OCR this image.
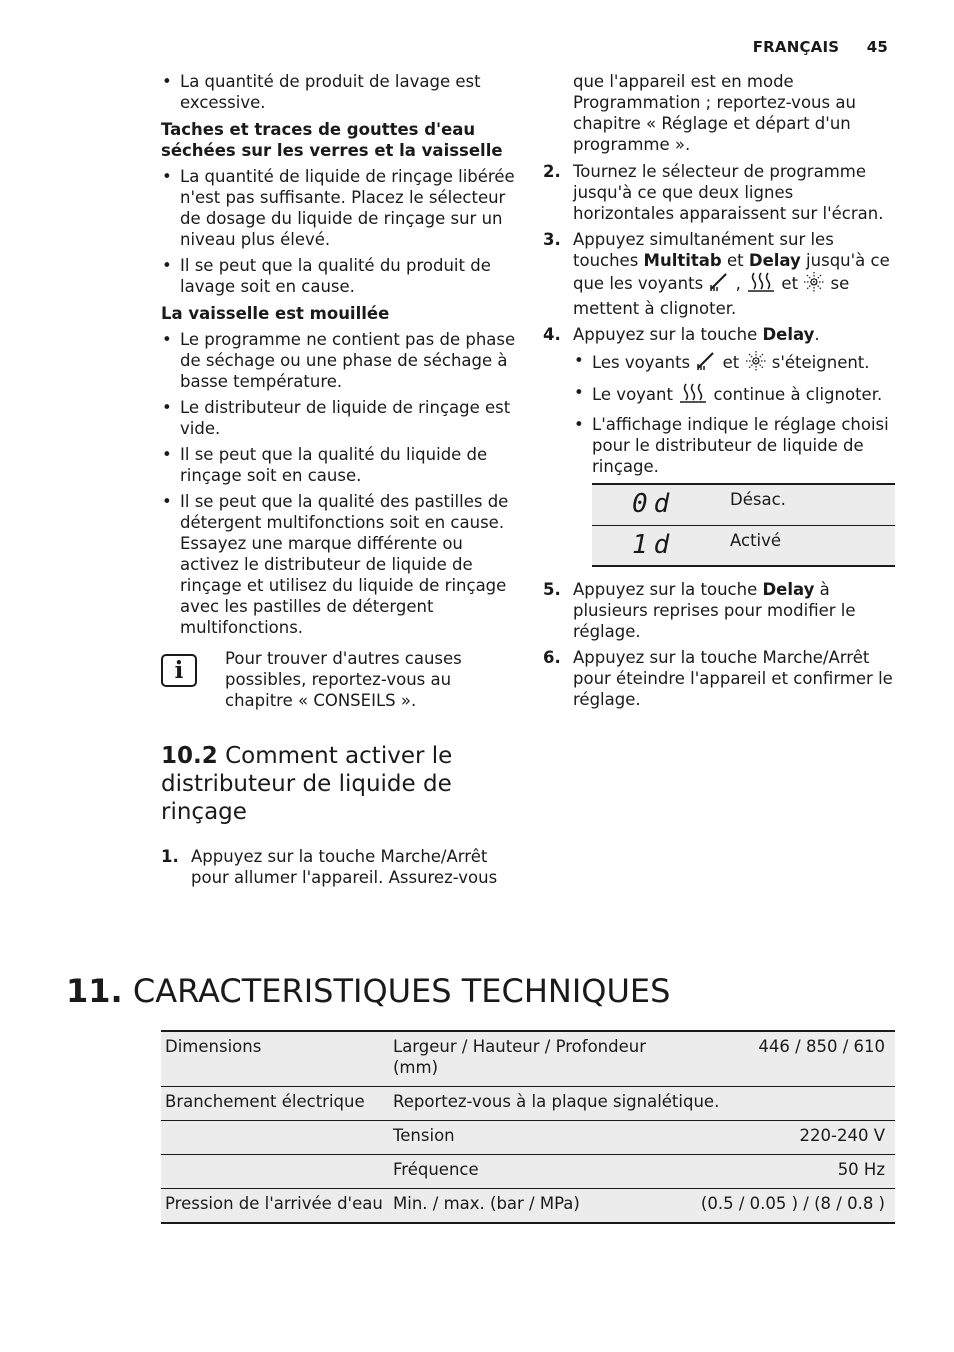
FRANÇAIS 45
• La quantité de produit de lavage est excessive.
Taches et traces de gouttes d'eau séchées sur les verres et la vaisselle
• La quantité de liquide de rinçage libérée n'est pas suffisante. Placez le sélecteur de dosage du liquide de rinçage sur un niveau plus élevé.
• Il se peut que la qualité du produit de lavage soit en cause.
La vaisselle est mouillée
• Le programme ne contient pas de phase de séchage ou une phase de séchage à basse température.
• Le distributeur de liquide de rinçage est vide.
• Il se peut que la qualité du liquide de rinçage soit en cause.
• Il se peut que la qualité des pastilles de détergent multifonctions soit en cause. Essayez une marque différente ou activez le distributeur de liquide de rinçage et utilisez du liquide de rinçage avec les pastilles de détergent multifonctions.
i	Pour trouver d'autres causes possibles, reportez-vous au chapitre « CONSEILS ».
10.2 Comment activer le distributeur de liquide de rinçage
1. Appuyez sur la touche Marche/Arrêt pour allumer l'appareil. Assurez-vous
que l'appareil est en mode Programmation ; reportez-vous au chapitre « Réglage et départ d'un programme ».
2. Tournez le sélecteur de programme jusqu'à ce que deux lignes horizontales apparaissent sur l'écran.
3. Appuyez simultanément sur les touches Multitab et Delay jusqu'à ce que les voyants  ,  et  se mettent à clignoter.
4. Appuyez sur la touche Delay.
• Les voyants  et  s'éteignent.
• Le voyant  continue à clignoter.
• L'affichage indique le réglage choisi pour le distributeur de liquide de rinçage.
0d	Désac.
1d	Activé
5. Appuyez sur la touche Delay à plusieurs reprises pour modifier le réglage.
6. Appuyez sur la touche Marche/Arrêt pour éteindre l'appareil et confirmer le réglage.
11. CARACTERISTIQUES TECHNIQUES
Dimensions	Largeur / Hauteur / Profondeur (mm)	446 / 850 / 610
Branchement électrique	Reportez-vous à la plaque signalétique.	
	Tension	220-240 V
	Fréquence	50 Hz
Pression de l'arrivée d'eau	Min. / max. (bar / MPa)	(0.5 / 0.05 ) / (8 / 0.8 )
